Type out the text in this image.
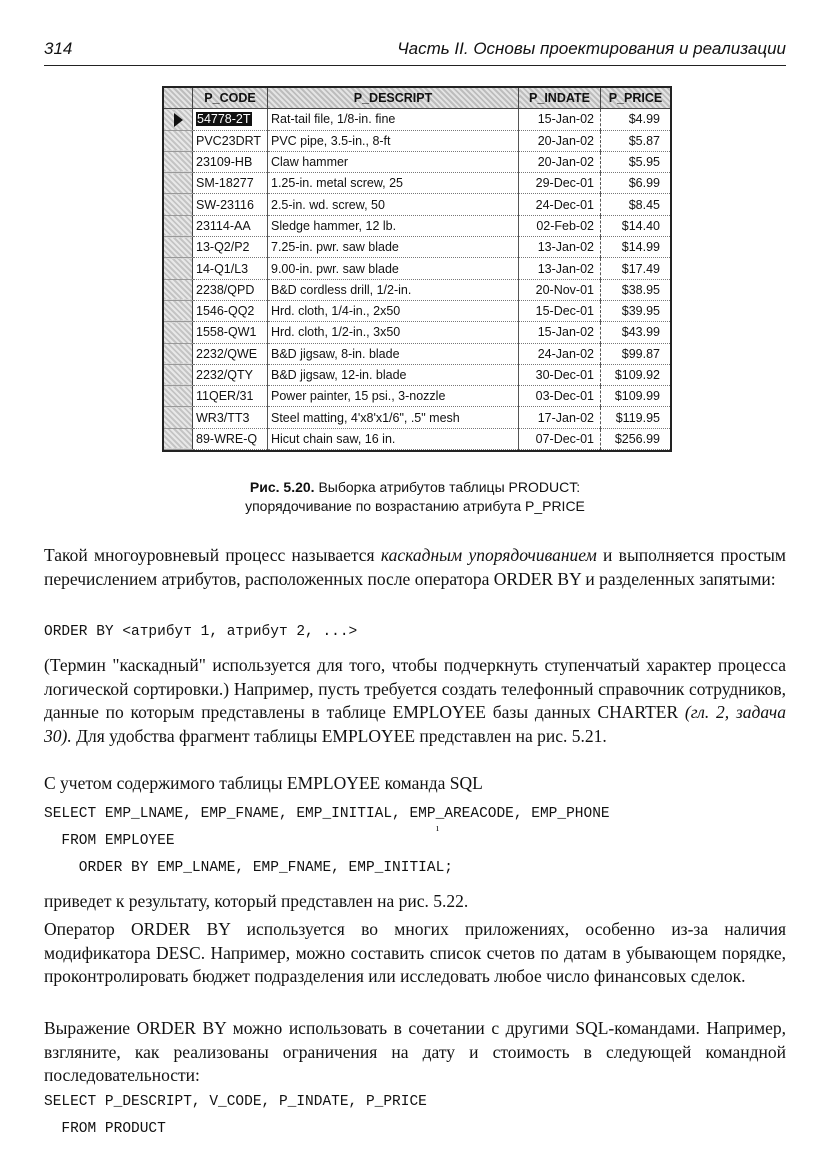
314	Часть II. Основы проектирования и реализации
	P_CODE	P_DESCRIPT	P_INDATE	P_PRICE
	54778-2T	Rat-tail file, 1/8-in. fine	15-Jan-02	$4.99
	PVC23DRT	PVC pipe, 3.5-in., 8-ft	20-Jan-02	$5.87
	23109-HB	Claw hammer	20-Jan-02	$5.95
	SM-18277	1.25-in. metal screw, 25	29-Dec-01	$6.99
	SW-23116	2.5-in. wd. screw, 50	24-Dec-01	$8.45
	23114-AA	Sledge hammer, 12 lb.	02-Feb-02	$14.40
	13-Q2/P2	7.25-in. pwr. saw blade	13-Jan-02	$14.99
	14-Q1/L3	9.00-in. pwr. saw blade	13-Jan-02	$17.49
	2238/QPD	B&D cordless drill, 1/2-in.	20-Nov-01	$38.95
	1546-QQ2	Hrd. cloth, 1/4-in., 2x50	15-Dec-01	$39.95
	1558-QW1	Hrd. cloth, 1/2-in., 3x50	15-Jan-02	$43.99
	2232/QWE	B&D jigsaw, 8-in. blade	24-Jan-02	$99.87
	2232/QTY	B&D jigsaw, 12-in. blade	30-Dec-01	$109.92
	11QER/31	Power painter, 15 psi., 3-nozzle	03-Dec-01	$109.99
	WR3/TT3	Steel matting, 4'x8'x1/6", .5" mesh	17-Jan-02	$119.95
	89-WRE-Q	Hicut chain saw, 16 in.	07-Dec-01	$256.99
Рис. 5.20. Выборка атрибутов таблицы PRODUCT:
упорядочивание по возрастанию атрибута P_PRICE

Такой многоуровневый процесс называется каскадным упорядочиванием и выполняется простым перечислением атрибутов, расположенных после оператора ORDER BY и разделенных запятыми:

ORDER BY <атрибут 1, атрибут 2, ...>

(Термин "каскадный" используется для того, чтобы подчеркнуть ступенчатый характер процесса логической сортировки.) Например, пусть требуется создать телефонный справочник сотрудников, данные по которым представлены в таблице EMPLOYEE базы данных CHARTER (гл. 2, задача 30). Для удобства фрагмент таблицы EMPLOYEE представлен на рис. 5.21.

С учетом содержимого таблицы EMPLOYEE команда SQL

SELECT EMP_LNAME, EMP_FNAME, EMP_INITIAL, EMP_AREACODE, EMP_PHONE
FROM EMPLOYEE
ORDER BY EMP_LNAME, EMP_FNAME, EMP_INITIAL;
ı

приведет к результату, который представлен на рис. 5.22.

Оператор ORDER BY используется во многих приложениях, особенно из-за наличия модификатора DESC. Например, можно составить список счетов по датам в убывающем порядке, проконтролировать бюджет подразделения или исследовать любое число финансовых сделок.

Выражение ORDER BY можно использовать в сочетании с другими SQL-командами. Например, взгляните, как реализованы ограничения на дату и стоимость в следующей командной последовательности:

SELECT P_DESCRIPT, V_CODE, P_INDATE, P_PRICE
FROM PRODUCT
